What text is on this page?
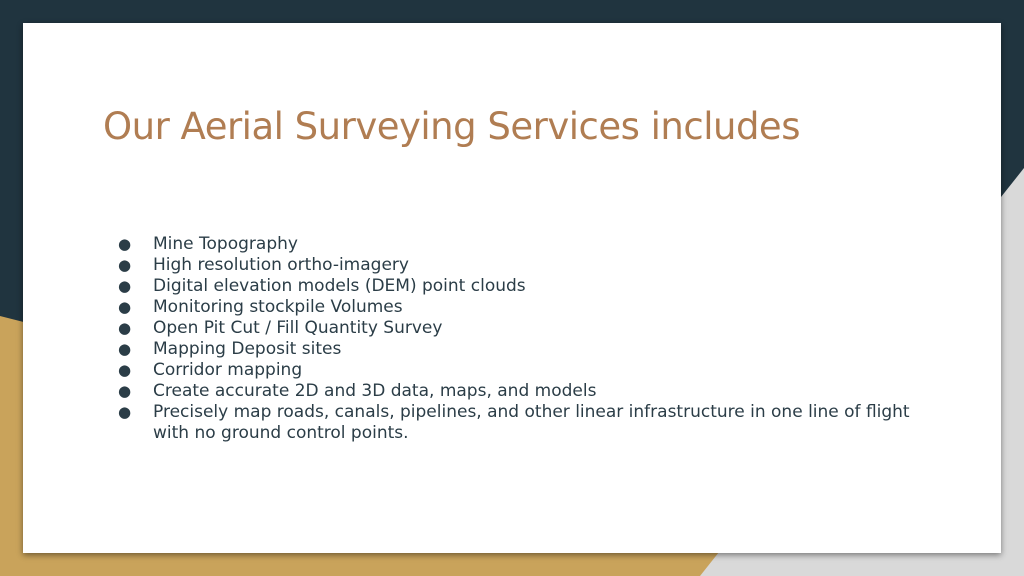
Our Aerial Surveying Services includes
● Mine Topography
● High resolution ortho-imagery
● Digital elevation models (DEM) point clouds
● Monitoring stockpile Volumes
● Open Pit Cut / Fill Quantity Survey
● Mapping Deposit sites
● Corridor mapping
● Create accurate 2D and 3D data, maps, and models
● Precisely map roads, canals, pipelines, and other linear infrastructure in one line of flight with no ground control points.
